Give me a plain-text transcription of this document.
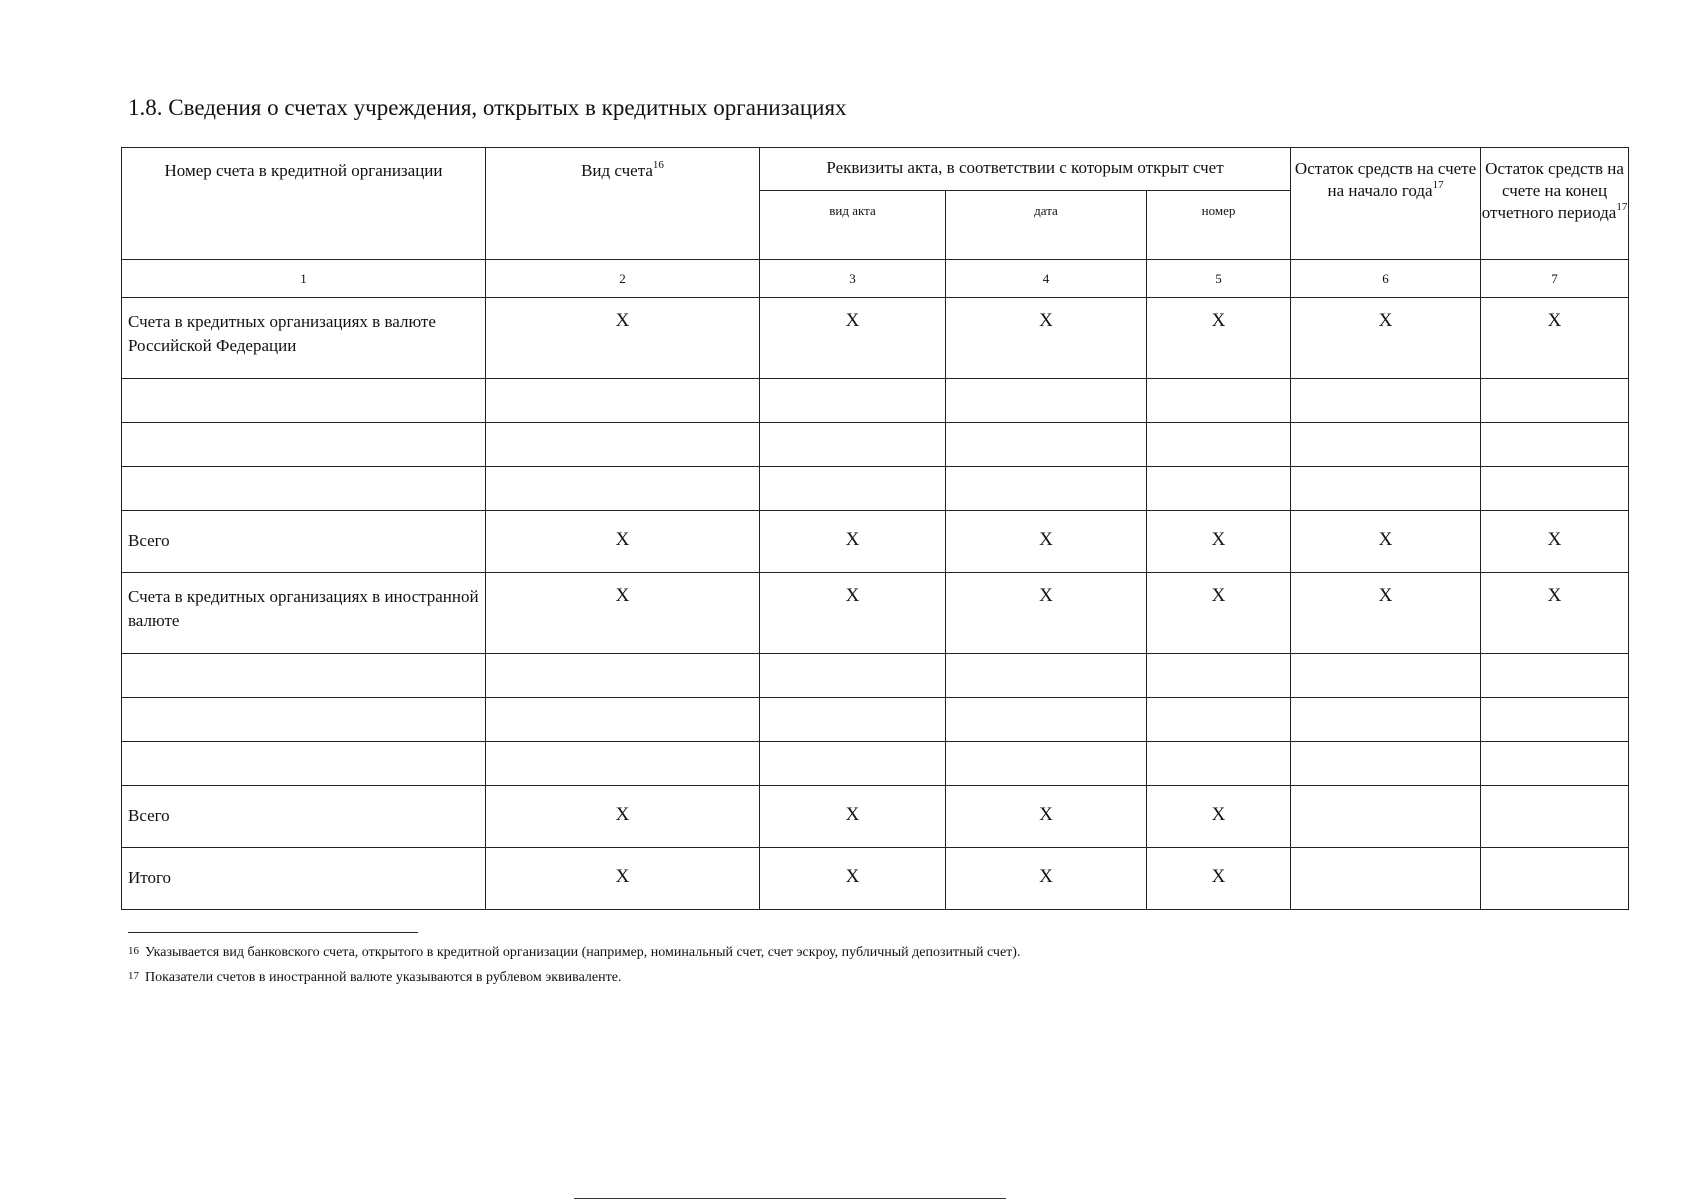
1.8. Сведения о счетах учреждения, открытых в кредитных организациях
Номер счета в кредитной организации	Вид счета$^{16}$	Реквизиты акта, в соответствии с которым открыт счет			Остаток средств на счете на начало года$^{17}$	Остаток средств на счете на конец отчетного периода$^{17}$
		вид акта	дата	номер		
1	2	3	4	5	6	7
Счета в кредитных организациях в валюте Российской Федерации	X	X	X	X	X	X

Всего	X	X	X	X	X	X
Счета в кредитных организациях в иностранной валюте	X	X	X	X	X	X

Всего	X	X	X	X		
Итого	X	X	X	X		

$^{16}$ Указывается вид банковского счета, открытого в кредитной организации (например, номинальный счет, счет эскроу, публичный депозитный счет).

$^{17}$ Показатели счетов в иностранной валюте указываются в рублевом эквиваленте.
